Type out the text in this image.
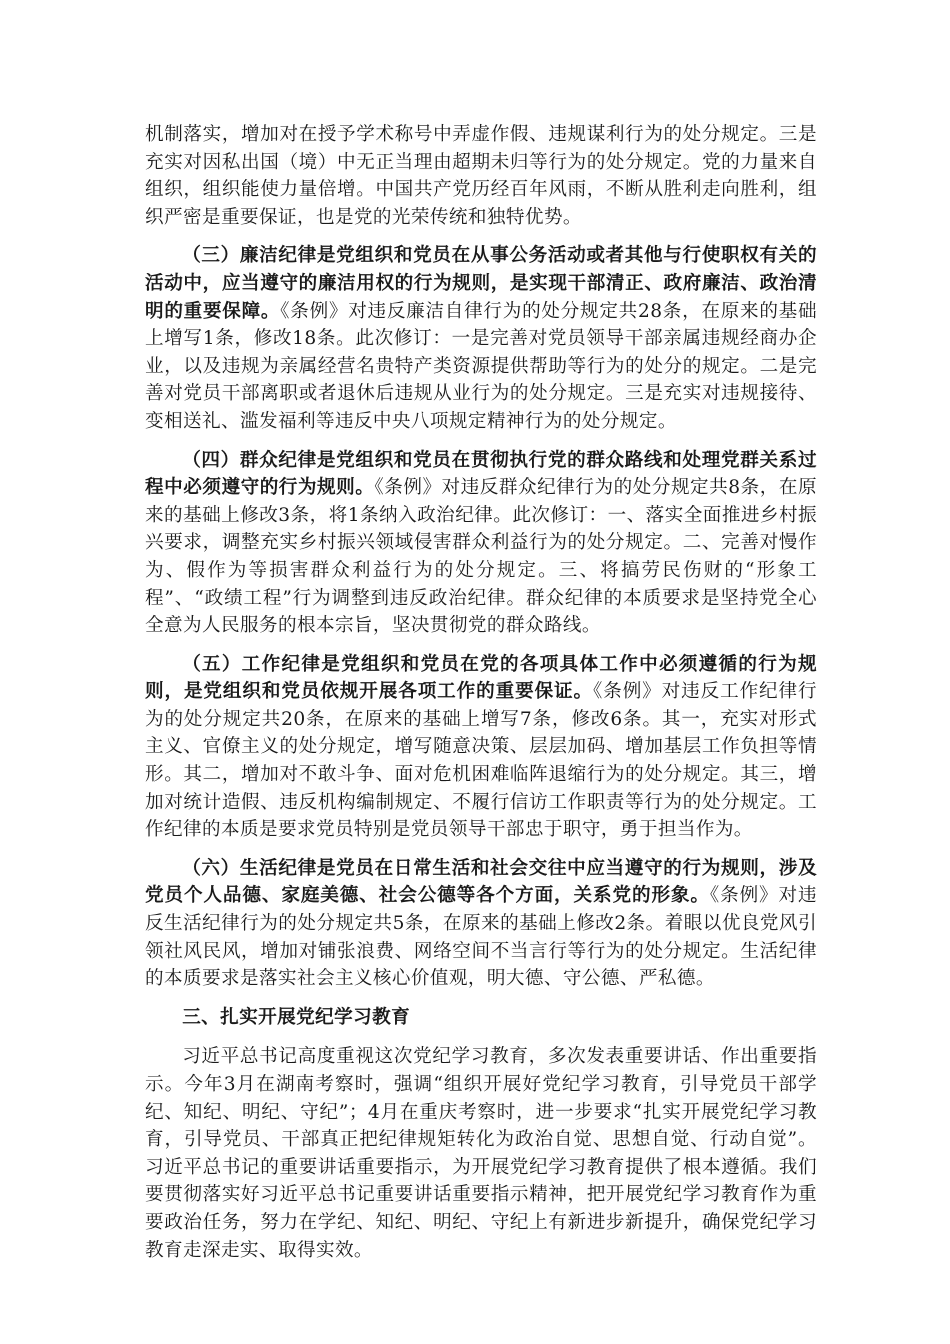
机制落实，增加对在授予学术称号中弄虚作假、违规谋利行为的处分规定。三是充实对因私出国（境）中无正当理由超期未归等行为的处分规定。党的力量来自组织，组织能使力量倍增。中国共产党历经百年风雨，不断从胜利走向胜利，组织严密是重要保证，也是党的光荣传统和独特优势。

（三）廉洁纪律是党组织和党员在从事公务活动或者其他与行使职权有关的活动中，应当遵守的廉洁用权的行为规则，是实现干部清正、政府廉洁、政治清明的重要保障。《条例》对违反廉洁自律行为的处分规定共28条，在原来的基础上增写1条，修改18条。此次修订：一是完善对党员领导干部亲属违规经商办企业，以及违规为亲属经营名贵特产类资源提供帮助等行为的处分的规定。二是完善对党员干部离职或者退休后违规从业行为的处分规定。三是充实对违规接待、变相送礼、滥发福利等违反中央八项规定精神行为的处分规定。

（四）群众纪律是党组织和党员在贯彻执行党的群众路线和处理党群关系过程中必须遵守的行为规则。《条例》对违反群众纪律行为的处分规定共8条，在原来的基础上修改3条，将1条纳入政治纪律。此次修订：一、落实全面推进乡村振兴要求，调整充实乡村振兴领域侵害群众利益行为的处分规定。二、完善对慢作为、假作为等损害群众利益行为的处分规定。三、将搞劳民伤财的“形象工程”、“政绩工程”行为调整到违反政治纪律。群众纪律的本质要求是坚持党全心全意为人民服务的根本宗旨，坚决贯彻党的群众路线。

（五）工作纪律是党组织和党员在党的各项具体工作中必须遵循的行为规则，是党组织和党员依规开展各项工作的重要保证。《条例》对违反工作纪律行为的处分规定共20条，在原来的基础上增写7条，修改6条。其一，充实对形式主义、官僚主义的处分规定，增写随意决策、层层加码、增加基层工作负担等情形。其二，增加对不敢斗争、面对危机困难临阵退缩行为的处分规定。其三，增加对统计造假、违反机构编制规定、不履行信访工作职责等行为的处分规定。工作纪律的本质是要求党员特别是党员领导干部忠于职守，勇于担当作为。

（六）生活纪律是党员在日常生活和社会交往中应当遵守的行为规则，涉及党员个人品德、家庭美德、社会公德等各个方面，关系党的形象。《条例》对违反生活纪律行为的处分规定共5条，在原来的基础上修改2条。着眼以优良党风引领社风民风，增加对铺张浪费、网络空间不当言行等行为的处分规定。生活纪律的本质要求是落实社会主义核心价值观，明大德、守公德、严私德。

三、扎实开展党纪学习教育

习近平总书记高度重视这次党纪学习教育，多次发表重要讲话、作出重要指示。今年3月在湖南考察时，强调“组织开展好党纪学习教育，引导党员干部学纪、知纪、明纪、守纪”；4月在重庆考察时，进一步要求“扎实开展党纪学习教育，引导党员、干部真正把纪律规矩转化为政治自觉、思想自觉、行动自觉”。习近平总书记的重要讲话重要指示，为开展党纪学习教育提供了根本遵循。我们要贯彻落实好习近平总书记重要讲话重要指示精神，把开展党纪学习教育作为重要政治任务，努力在学纪、知纪、明纪、守纪上有新进步新提升，确保党纪学习教育走深走实、取得实效。
